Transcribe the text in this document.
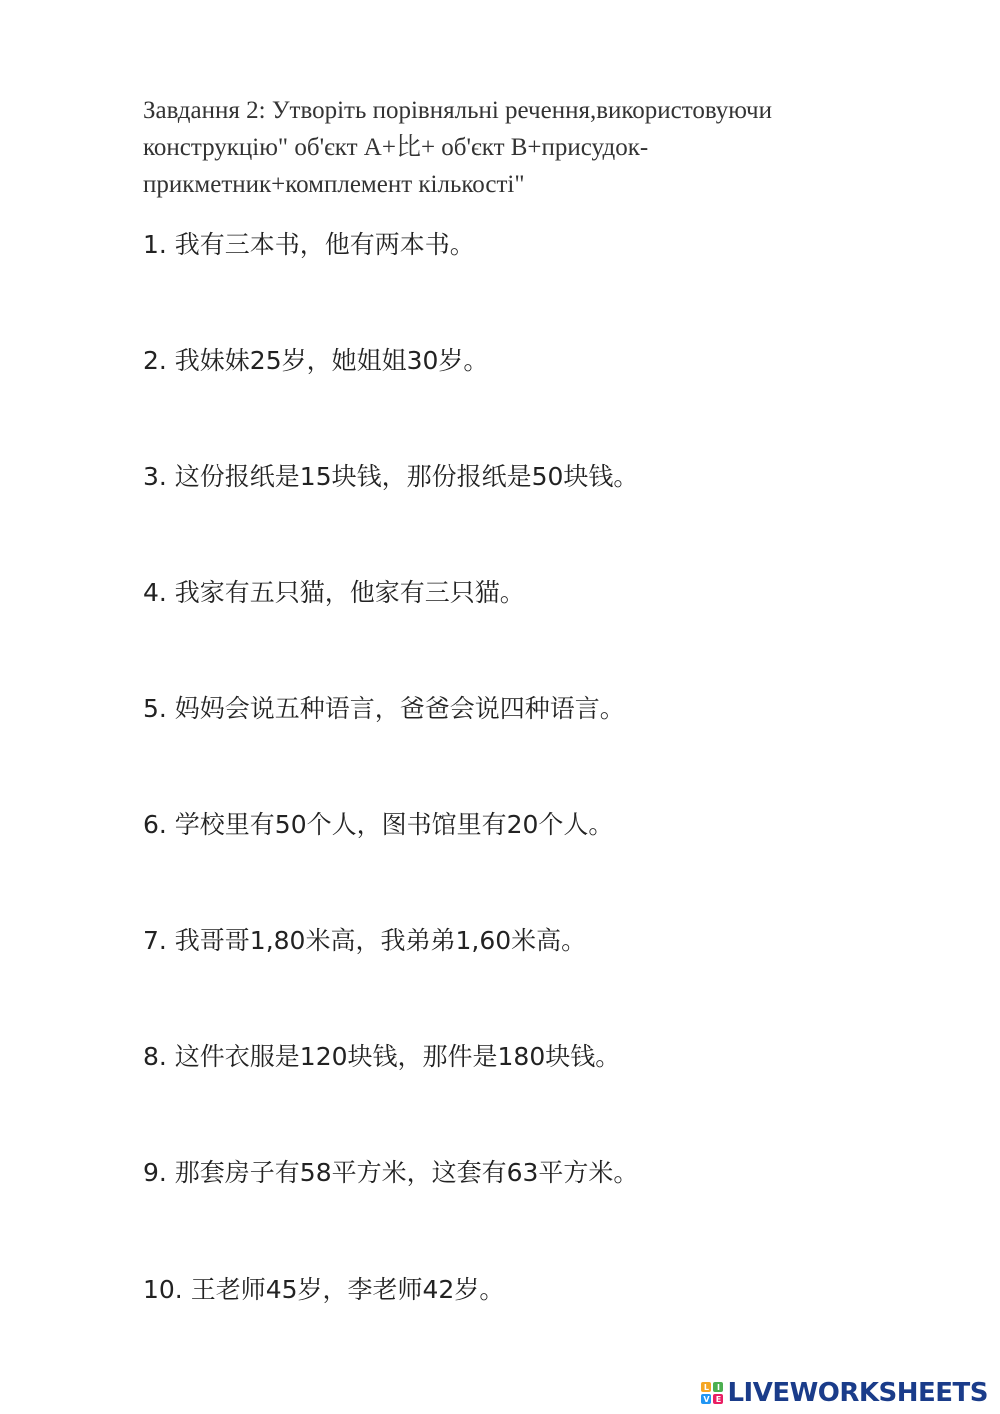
Завдання 2: Утворіть порівняльні речення,використовуючи
конструкцію" об'єкт А+比+ об'єкт В+присудок-
прикметник+комплемент кількості"
1. 我有三本书，他有两本书。
2. 我妹妹25岁，她姐姐30岁。
3. 这份报纸是15块钱，那份报纸是50块钱。
4. 我家有五只猫，他家有三只猫。
5. 妈妈会说五种语言，爸爸会说四种语言。
6. 学校里有50个人，图书馆里有20个人。
7. 我哥哥1,80米高，我弟弟1,60米高。
8. 这件衣服是120块钱，那件是180块钱。
9. 那套房子有58平方米，这套有63平方米。
10. 王老师45岁，李老师42岁。
L I
V E LIVEWORKSHEETS
